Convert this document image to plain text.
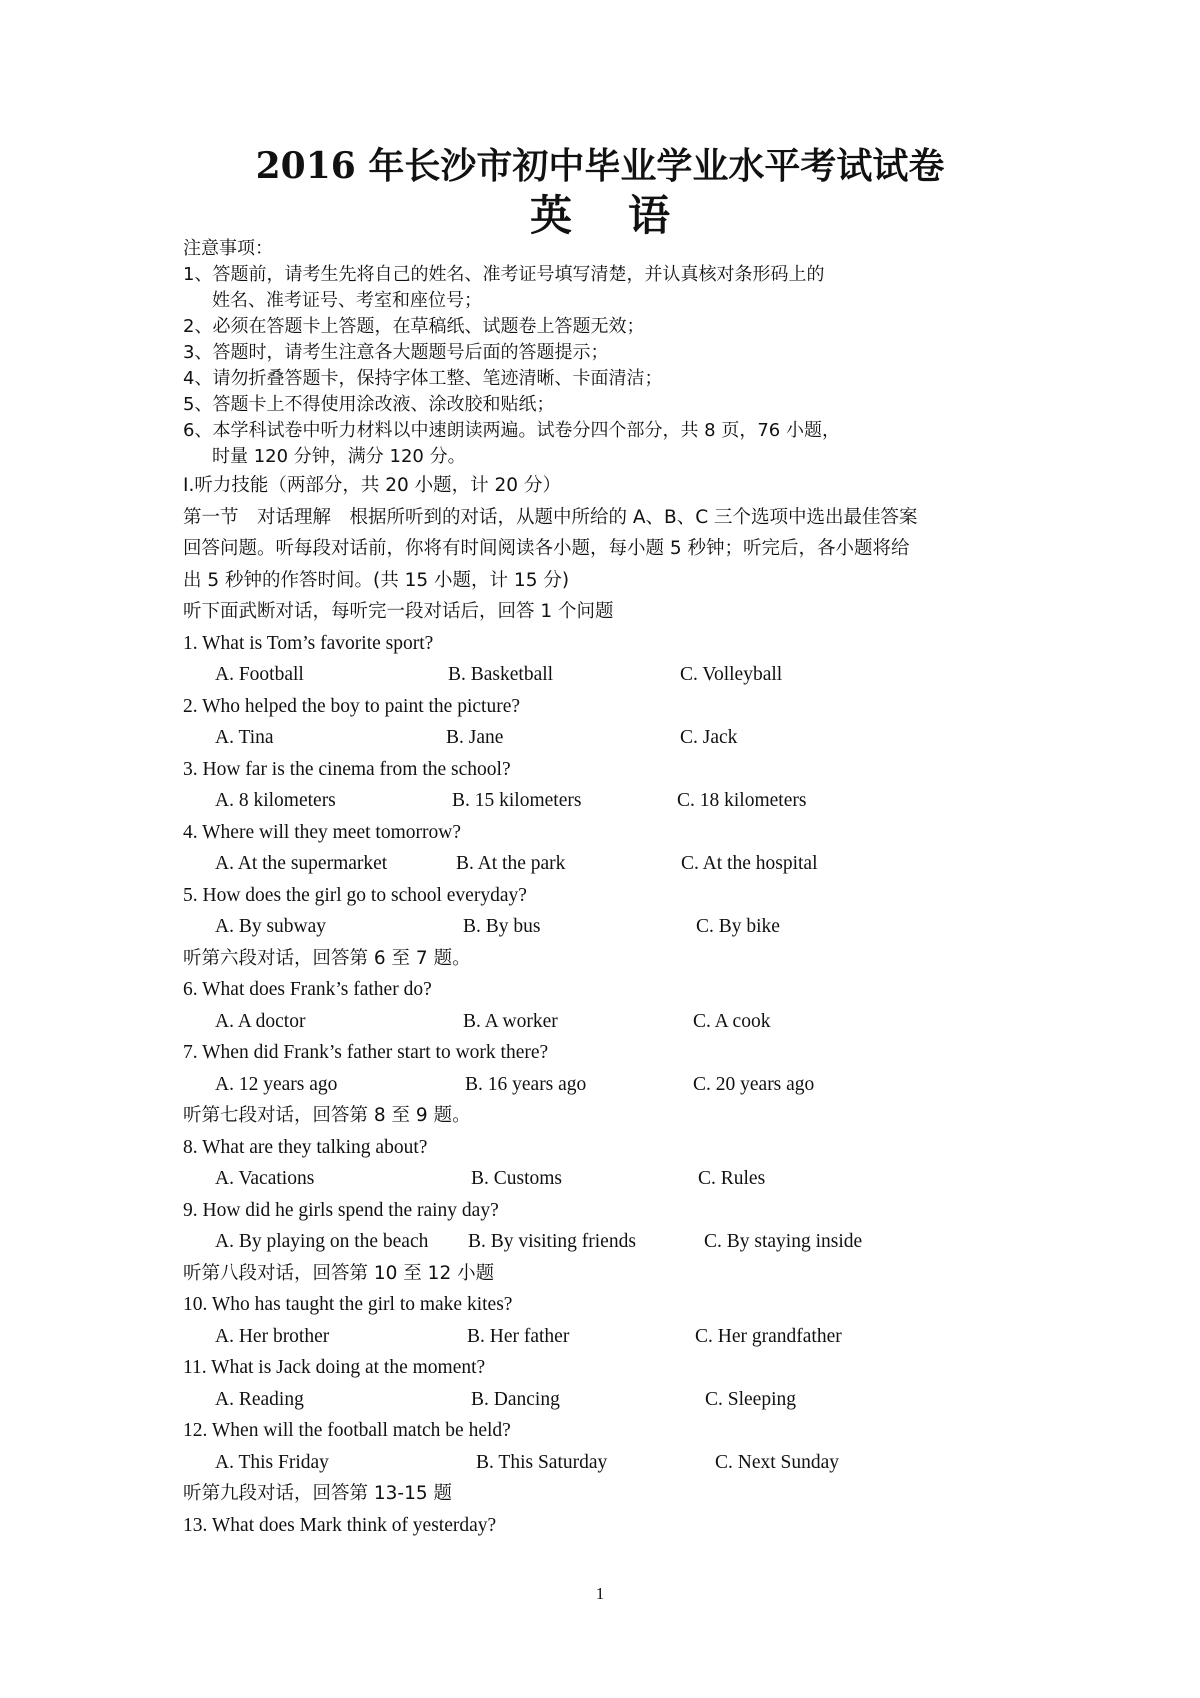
2016 年长沙市初中毕业学业水平考试试卷
英语
注意事项：
1、答题前，请考生先将自己的姓名、准考证号填写清楚，并认真核对条形码上的
姓名、准考证号、考室和座位号；
2、必须在答题卡上答题，在草稿纸、试题卷上答题无效；
3、答题时，请考生注意各大题题号后面的答题提示；
4、请勿折叠答题卡，保持字体工整、笔迹清晰、卡面清洁；
5、答题卡上不得使用涂改液、涂改胶和贴纸；
6、本学科试卷中听力材料以中速朗读两遍。试卷分四个部分，共 8 页，76 小题，
时量 120 分钟，满分 120 分。
Ⅰ.听力技能（两部分，共 20 小题，计 20 分）
第一节　对话理解　根据所听到的对话，从题中所给的 A、B、C 三个选项中选出最佳答案
回答问题。听每段对话前，你将有时间阅读各小题，每小题 5 秒钟；听完后，各小题将给
出 5 秒钟的作答时间。(共 15 小题，计 15 分)
听下面武断对话，每听完一段对话后，回答 1 个问题
1. What is Tom’s favorite sport?
A. Football	B. Basketball	C. Volleyball
2. Who helped the boy to paint the picture?
A. Tina	B. Jane	C. Jack
3. How far is the cinema from the school?
A. 8 kilometers	B. 15 kilometers	C. 18 kilometers
4. Where will they meet tomorrow?
A. At the supermarket	B. At the park	C. At the hospital
5. How does the girl go to school everyday?
A. By subway	B. By bus	C. By bike
听第六段对话，回答第 6 至 7 题。
6. What does Frank’s father do?
A. A doctor	B. A worker	C. A cook
7. When did Frank’s father start to work there?
A. 12 years ago	B. 16 years ago	C. 20 years ago
听第七段对话，回答第 8 至 9 题。
8. What are they talking about?
A. Vacations	B. Customs	C. Rules
9. How did he girls spend the rainy day?
A. By playing on the beach B. By visiting friends	C. By staying inside
听第八段对话，回答第 10 至 12 小题
10. Who has taught the girl to make kites?
A. Her brother	B. Her father	C. Her grandfather
11. What is Jack doing at the moment?
A. Reading	B. Dancing	C. Sleeping
12. When will the football match be held?
A. This Friday	B. This Saturday	C. Next Sunday
听第九段对话，回答第 13-15 题
13. What does Mark think of yesterday?
1
